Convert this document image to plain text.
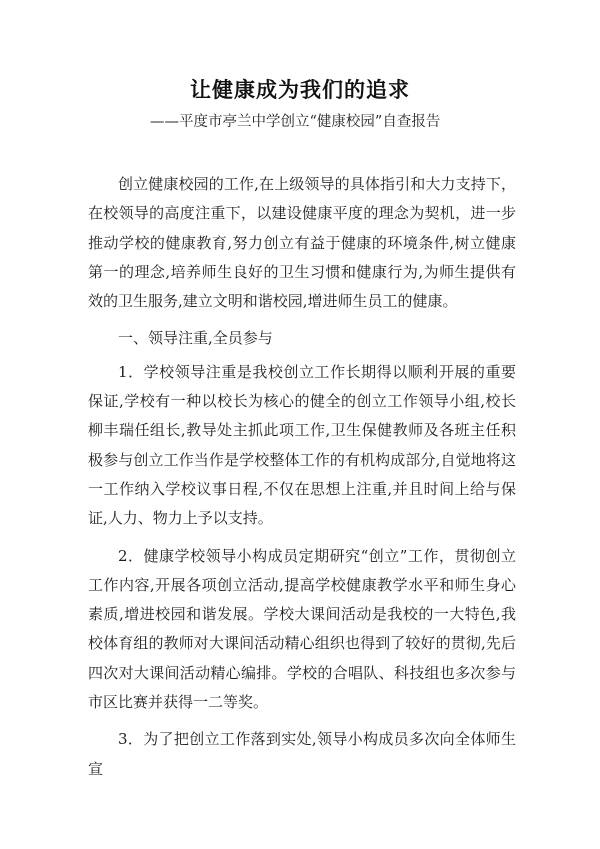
让健康成为我们的追求
——平度市亭兰中学创立“健康校园”自查报告

创立健康校园的工作,在上级领导的具体指引和大力支持下，在校领导的高度注重下，以建设健康平度的理念为契机，进一步推动学校的健康教育,努力创立有益于健康的环境条件,树立健康第一的理念,培养师生良好的卫生习惯和健康行为,为师生提供有效的卫生服务,建立文明和谐校园,增进师生员工的健康。

一、领导注重,全员参与

1．学校领导注重是我校创立工作长期得以顺利开展的重要保证,学校有一种以校长为核心的健全的创立工作领导小组,校长柳丰瑞任组长,教导处主抓此项工作,卫生保健教师及各班主任积极参与创立工作当作是学校整体工作的有机构成部分,自觉地将这一工作纳入学校议事日程,不仅在思想上注重,并且时间上给与保证,人力、物力上予以支持。

2．健康学校领导小构成员定期研究“创立”工作，贯彻创立工作内容,开展各项创立活动,提高学校健康教学水平和师生身心素质,增进校园和谐发展。学校大课间活动是我校的一大特色,我校体育组的教师对大课间活动精心组织也得到了较好的贯彻,先后四次对大课间活动精心编排。学校的合唱队、科技组也多次参与市区比赛并获得一二等奖。

3．为了把创立工作落到实处,领导小构成员多次向全体师生宣
